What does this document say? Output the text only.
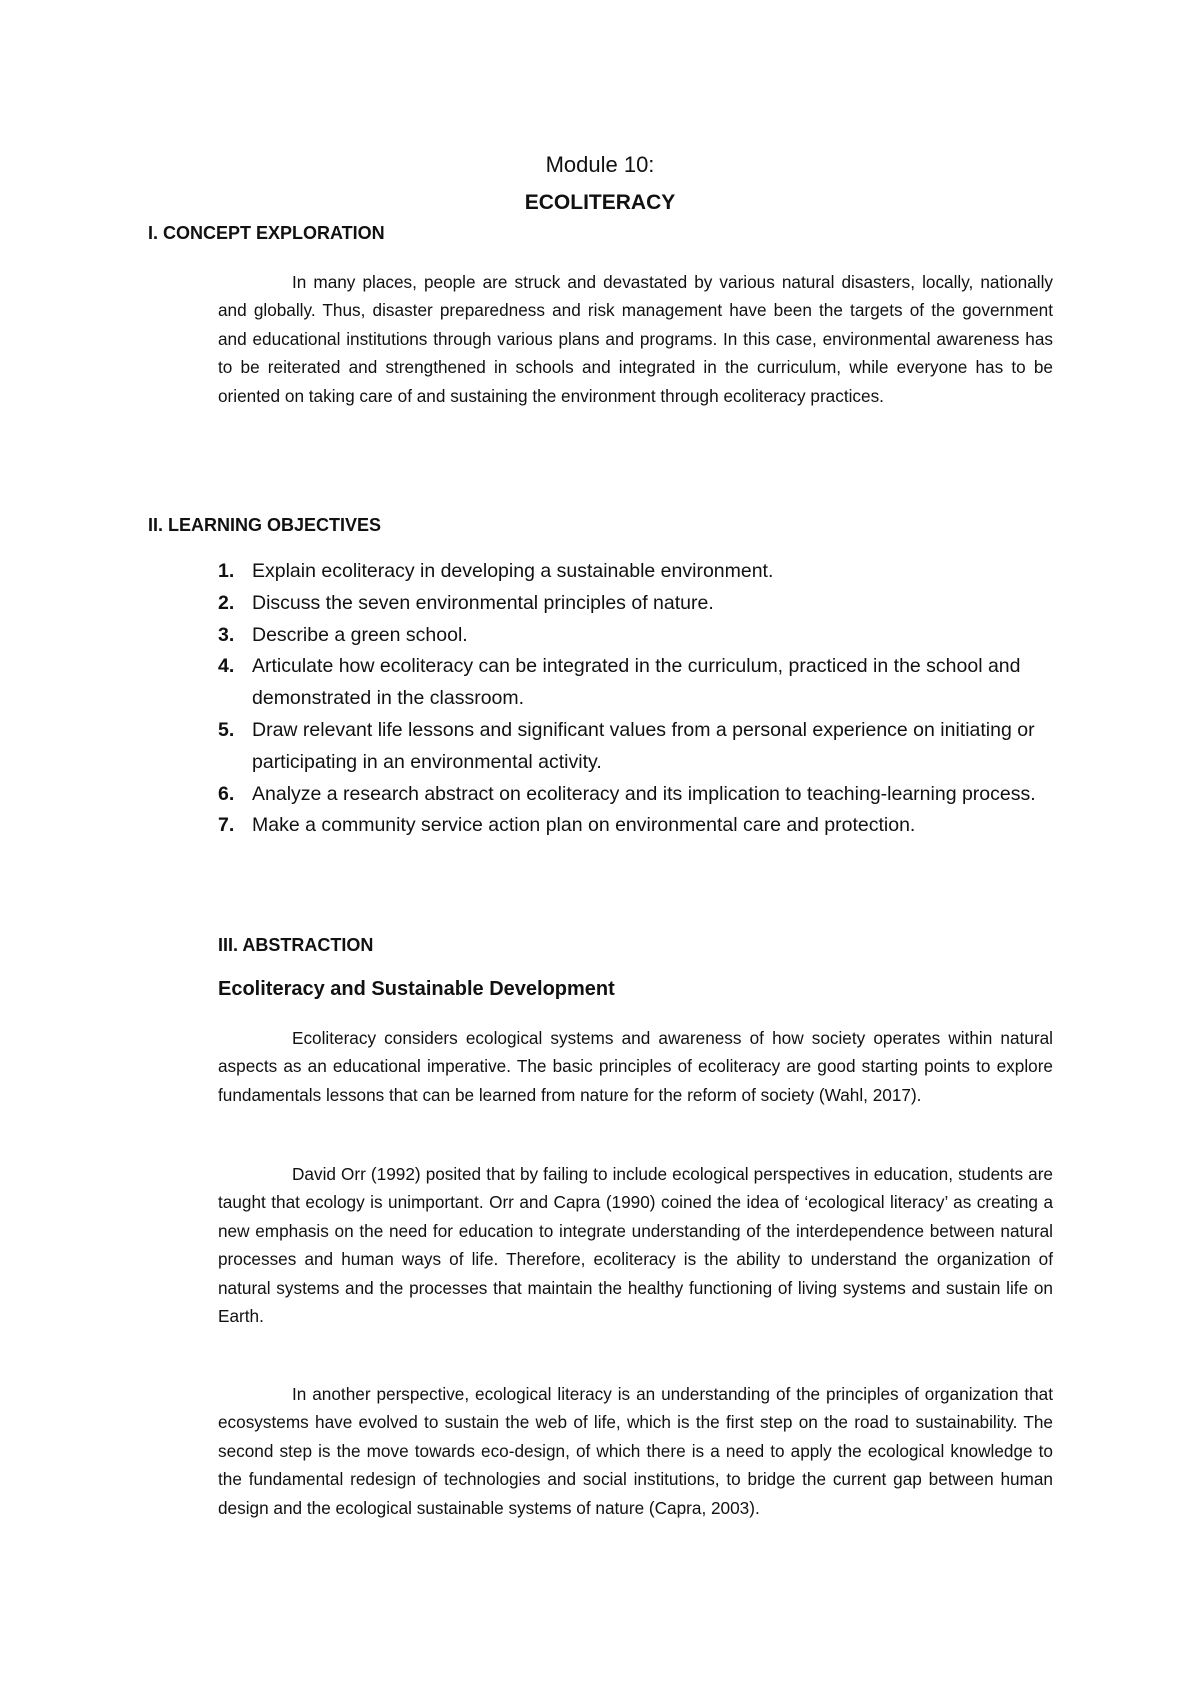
Module 10:
ECOLITERACY
I. CONCEPT EXPLORATION

In many places, people are struck and devastated by various natural disasters, locally, nationally and globally. Thus, disaster preparedness and risk management have been the targets of the government and educational institutions through various plans and programs. In this case, environmental awareness has to be reiterated and strengthened in schools and integrated in the curriculum, while everyone has to be oriented on taking care of and sustaining the environment through ecoliteracy practices.

II. LEARNING OBJECTIVES
1. Explain ecoliteracy in developing a sustainable environment.
2. Discuss the seven environmental principles of nature.
3. Describe a green school.
4. Articulate how ecoliteracy can be integrated in the curriculum, practiced in the school and demonstrated in the classroom.
5. Draw relevant life lessons and significant values from a personal experience on initiating or participating in an environmental activity.
6. Analyze a research abstract on ecoliteracy and its implication to teaching-learning process.
7. Make a community service action plan on environmental care and protection.
III. ABSTRACTION
Ecoliteracy and Sustainable Development

Ecoliteracy considers ecological systems and awareness of how society operates within natural aspects as an educational imperative. The basic principles of ecoliteracy are good starting points to explore fundamentals lessons that can be learned from nature for the reform of society (Wahl, 2017).

David Orr (1992) posited that by failing to include ecological perspectives in education, students are taught that ecology is unimportant. Orr and Capra (1990) coined the idea of ‘ecological literacy’ as creating a new emphasis on the need for education to integrate understanding of the interdependence between natural processes and human ways of life. Therefore, ecoliteracy is the ability to understand the organization of natural systems and the processes that maintain the healthy functioning of living systems and sustain life on Earth.

In another perspective, ecological literacy is an understanding of the principles of organization that ecosystems have evolved to sustain the web of life, which is the first step on the road to sustainability. The second step is the move towards eco-design, of which there is a need to apply the ecological knowledge to the fundamental redesign of technologies and social institutions, to bridge the current gap between human design and the ecological sustainable systems of nature (Capra, 2003).
